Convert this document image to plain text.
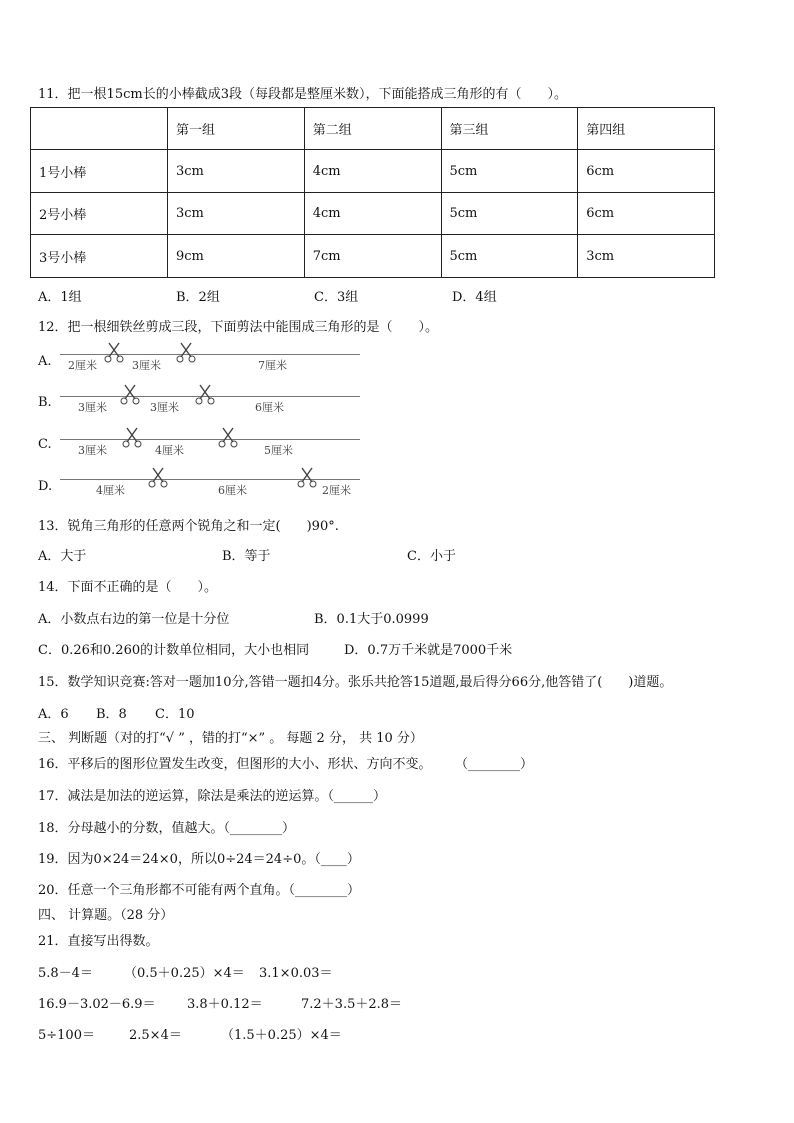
11．把一根15cm长的小棒截成3段（每段都是整厘米数），下面能搭成三角形的有（　　）。
	第一组	第二组	第三组	第四组
1号小棒	3cm	4cm	5cm	6cm
2号小棒	3cm	4cm	5cm	6cm
3号小棒	9cm	7cm	5cm	3cm
A．1组	B．2组	C．3组	D．4组
12．把一根细铁丝剪成三段，下面剪法中能围成三角形的是（　　）。
A. 2厘米	3厘米	7厘米
B. 3厘米	3厘米	6厘米
C. 3厘米	4厘米	5厘米
D.	4厘米	6厘米	2厘米
13．锐角三角形的任意两个锐角之和一定(　　)90°.
A．大于	B．等于	C．小于
14．下面不正确的是（　　）。
A．小数点右边的第一位是十分位	B．0.1大于0.0999
C．0.26和0.260的计数单位相同，大小也相同	D．0.7万千米就是7000千米
15．数学知识竞赛:答对一题加10分,答错一题扣4分。张乐共抢答15道题,最后得分66分,他答错了(　　)道题。
A．6 B．8 C．10
三、 判断题（对的打“√ ” ，错的打“×” 。 每题 2 分， 共 10 分）
16．平移后的图形位置发生改变，但图形的大小、形状、方向不变。 （________）
17．减法是加法的逆运算，除法是乘法的逆运算。（______）
18．分母越小的分数，值越大。（________）
19．因为0×24＝24×0，所以0÷24＝24÷0。（____）
20．任意一个三角形都不可能有两个直角。（________）
四、 计算题。（28 分）
21．直接写出得数。
5.8－4＝ （0.5＋0.25）×4＝ 3.1×0.03＝
16.9－3.02－6.9＝ 3.8＋0.12＝	7.2＋3.5＋2.8＝
5÷100＝	2.5×4＝	（1.5＋0.25）×4＝
